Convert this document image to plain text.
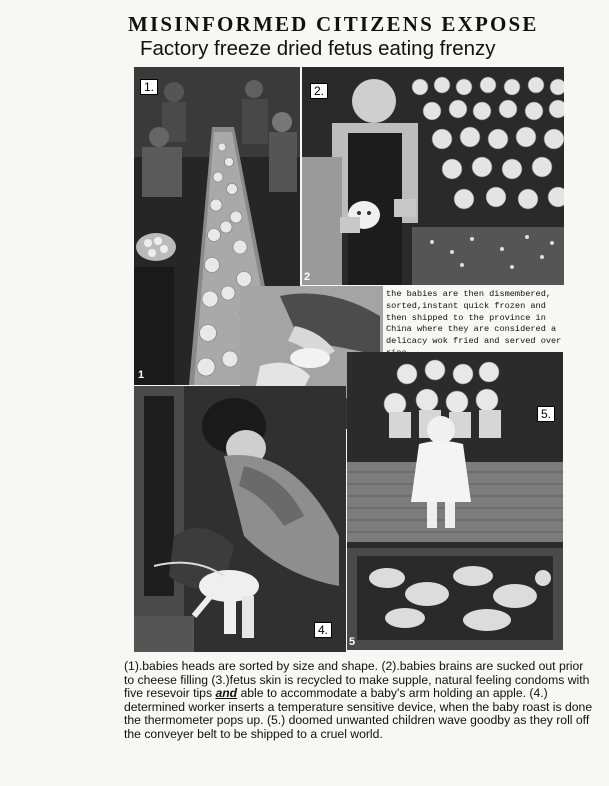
MISINFORMED CITIZENS EXPOSE
Factory freeze dried fetus eating frenzy
1.
1
2.
2
the babies are then dismembered, sorted,instant quick frozen and then shipped to the province in China where they are considered a delicacy wok fried and served over
4.
5.
5

(1).babies heads are sorted by size and shape. (2).babies brains are sucked out prior to cheese filling (3.)fetus skin is recycled to make supple, natural feeling condoms with five resevoir tips and able to accommodate a baby's arm holding an apple. (4.) determined worker inserts a temperature sensitive device, when the baby roast is done the thermometer pops up. (5.) doomed unwanted children wave goodby as they roll off the conveyer belt to be shipped to a cruel world.
